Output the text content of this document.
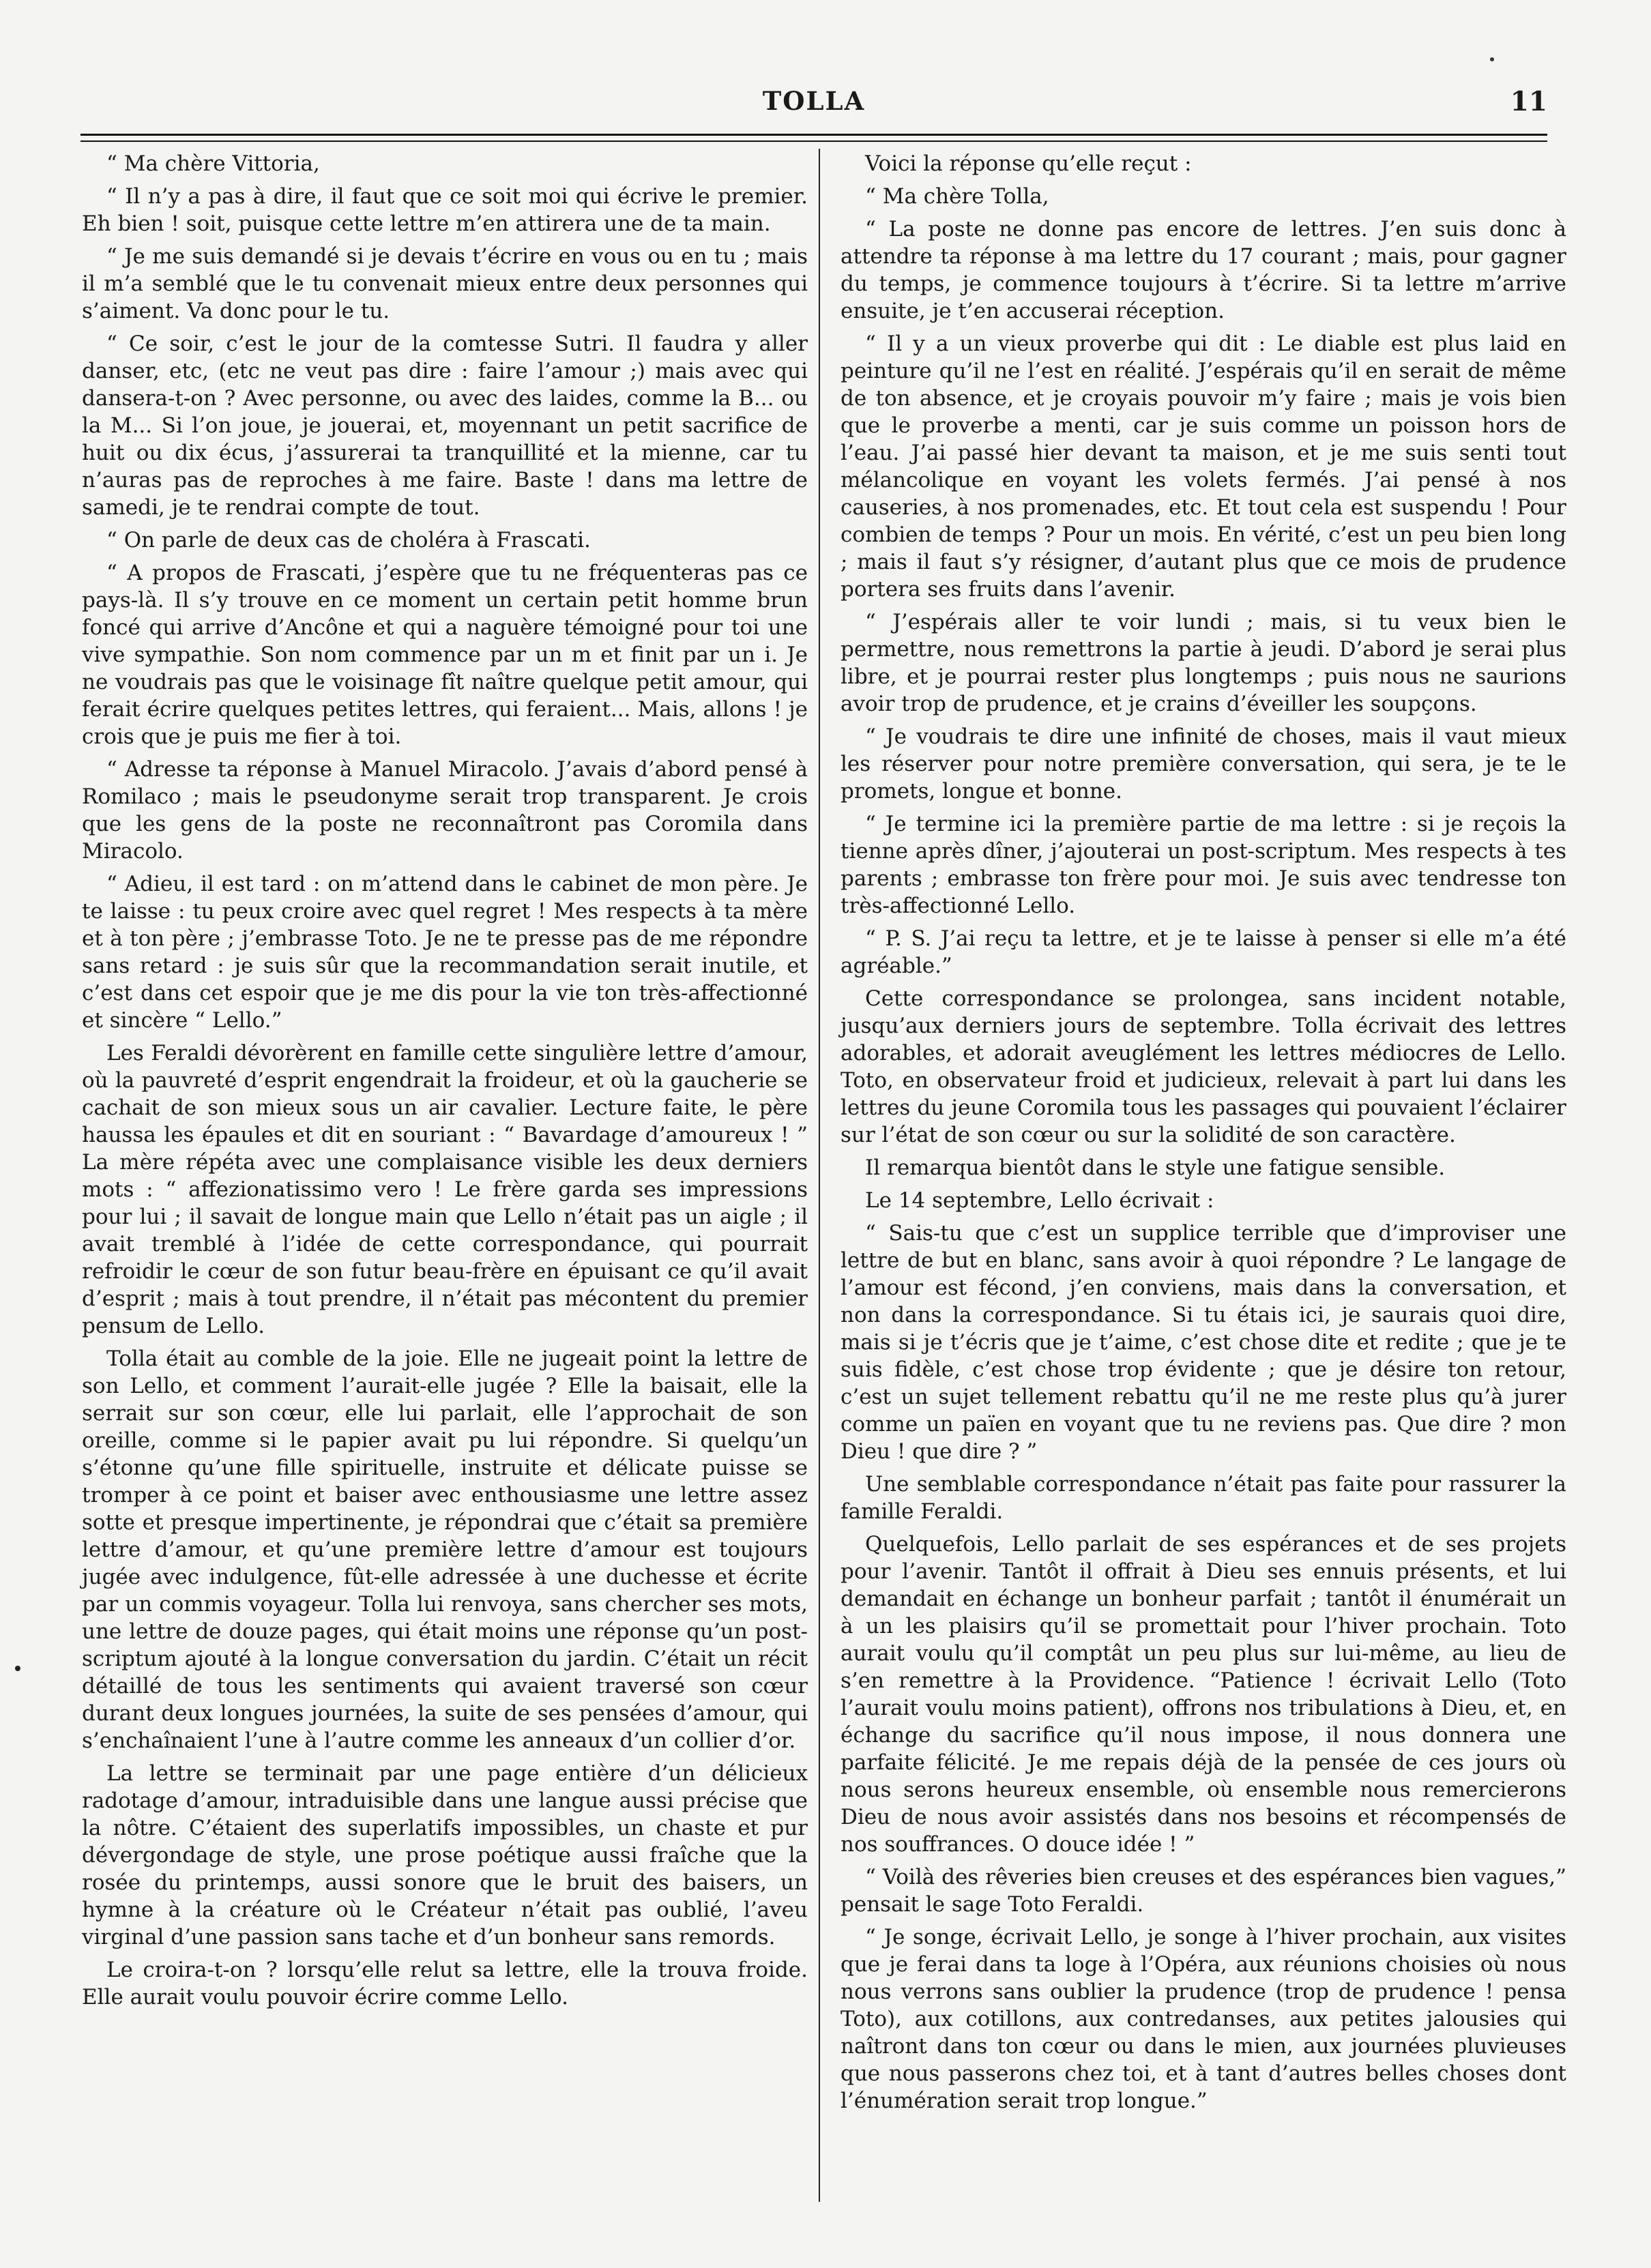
TOLLA	11

“ Ma chère Vittoria,

“ Il n’y a pas à dire, il faut que ce soit moi qui écrive le premier. Eh bien ! soit, puisque cette lettre m’en attirera une de ta main.

“ Je me suis demandé si je devais t’écrire en vous ou en tu ; mais il m’a semblé que le tu convenait mieux entre deux personnes qui s’aiment. Va donc pour le tu.

“ Ce soir, c’est le jour de la comtesse Sutri. Il faudra y aller danser, etc, (etc ne veut pas dire : faire l’amour ;) mais avec qui dansera-t-on ? Avec personne, ou avec des laides, comme la B... ou la M... Si l’on joue, je jouerai, et, moyennant un petit sacrifice de huit ou dix écus, j’assurerai ta tranquillité et la mienne, car tu n’auras pas de reproches à me faire. Baste ! dans ma lettre de samedi, je te rendrai compte de tout.

“ On parle de deux cas de choléra à Frascati.

“ A propos de Frascati, j’espère que tu ne fréquenteras pas ce pays-là. Il s’y trouve en ce moment un certain petit homme brun foncé qui arrive d’Ancône et qui a naguère témoigné pour toi une vive sympathie. Son nom commence par un m et finit par un i. Je ne voudrais pas que le voisinage fît naître quelque petit amour, qui ferait écrire quelques petites lettres, qui feraient... Mais, allons ! je crois que je puis me fier à toi.

“ Adresse ta réponse à Manuel Miracolo. J’avais d’abord pensé à Romilaco ; mais le pseudonyme serait trop transparent. Je crois que les gens de la poste ne reconnaîtront pas Coromila dans Miracolo.

“ Adieu, il est tard : on m’attend dans le cabinet de mon père. Je te laisse : tu peux croire avec quel regret ! Mes respects à ta mère et à ton père ; j’embrasse Toto. Je ne te presse pas de me répondre sans retard : je suis sûr que la recommandation serait inutile, et c’est dans cet espoir que je me dis pour la vie ton très-affectionné et sincère “ Lello.”

Les Feraldi dévorèrent en famille cette singulière lettre d’amour, où la pauvreté d’esprit engendrait la froideur, et où la gaucherie se cachait de son mieux sous un air cavalier. Lecture faite, le père haussa les épaules et dit en souriant : “ Bavardage d’amoureux ! ” La mère répéta avec une complaisance visible les deux derniers mots : “ affezionatissimo vero ! Le frère garda ses impressions pour lui ; il savait de longue main que Lello n’était pas un aigle ; il avait tremblé à l’idée de cette correspondance, qui pourrait refroidir le cœur de son futur beau-frère en épuisant ce qu’il avait d’esprit ; mais à tout prendre, il n’était pas mécontent du premier pensum de Lello.

Tolla était au comble de la joie. Elle ne jugeait point la lettre de son Lello, et comment l’aurait-elle jugée ? Elle la baisait, elle la serrait sur son cœur, elle lui parlait, elle l’approchait de son oreille, comme si le papier avait pu lui répondre. Si quelqu’un s’étonne qu’une fille spirituelle, instruite et délicate puisse se tromper à ce point et baiser avec enthousiasme une lettre assez sotte et presque impertinente, je répondrai que c’était sa première lettre d’amour, et qu’une première lettre d’amour est toujours jugée avec indulgence, fût-elle adressée à une duchesse et écrite par un commis voyageur. Tolla lui renvoya, sans chercher ses mots, une lettre de douze pages, qui était moins une réponse qu’un post-scriptum ajouté à la longue conversation du jardin. C’était un récit détaillé de tous les sentiments qui avaient traversé son cœur durant deux longues journées, la suite de ses pensées d’amour, qui s’enchaînaient l’une à l’autre comme les anneaux d’un collier d’or.

La lettre se terminait par une page entière d’un délicieux radotage d’amour, intraduisible dans une langue aussi précise que la nôtre. C’étaient des superlatifs impossibles, un chaste et pur dévergondage de style, une prose poétique aussi fraîche que la rosée du printemps, aussi sonore que le bruit des baisers, un hymne à la créature où le Créateur n’était pas oublié, l’aveu virginal d’une passion sans tache et d’un bonheur sans remords.

Le croira-t-on ? lorsqu’elle relut sa lettre, elle la trouva froide. Elle aurait voulu pouvoir écrire comme Lello.

Voici la réponse qu’elle reçut :

“ Ma chère Tolla,

“ La poste ne donne pas encore de lettres. J’en suis donc à attendre ta réponse à ma lettre du 17 courant ; mais, pour gagner du temps, je commence toujours à t’écrire. Si ta lettre m’arrive ensuite, je t’en accuserai réception.

“ Il y a un vieux proverbe qui dit : Le diable est plus laid en peinture qu’il ne l’est en réalité. J’espérais qu’il en serait de même de ton absence, et je croyais pouvoir m’y faire ; mais je vois bien que le proverbe a menti, car je suis comme un poisson hors de l’eau. J’ai passé hier devant ta maison, et je me suis senti tout mélancolique en voyant les volets fermés. J’ai pensé à nos causeries, à nos promenades, etc. Et tout cela est suspendu ! Pour combien de temps ? Pour un mois. En vérité, c’est un peu bien long ; mais il faut s’y résigner, d’autant plus que ce mois de prudence portera ses fruits dans l’avenir.

“ J’espérais aller te voir lundi ; mais, si tu veux bien le permettre, nous remettrons la partie à jeudi. D’abord je serai plus libre, et je pourrai rester plus longtemps ; puis nous ne saurions avoir trop de prudence, et je crains d’éveiller les soupçons.

“ Je voudrais te dire une infinité de choses, mais il vaut mieux les réserver pour notre première conversation, qui sera, je te le promets, longue et bonne.

“ Je termine ici la première partie de ma lettre : si je reçois la tienne après dîner, j’ajouterai un post-scriptum. Mes respects à tes parents ; embrasse ton frère pour moi. Je suis avec tendresse ton très-affectionné Lello.

“ P. S. J’ai reçu ta lettre, et je te laisse à penser si elle m’a été agréable.”

Cette correspondance se prolongea, sans incident notable, jusqu’aux derniers jours de septembre. Tolla écrivait des lettres adorables, et adorait aveuglément les lettres médiocres de Lello. Toto, en observateur froid et judicieux, relevait à part lui dans les lettres du jeune Coromila tous les passages qui pouvaient l’éclairer sur l’état de son cœur ou sur la solidité de son caractère.

Il remarqua bientôt dans le style une fatigue sensible.

Le 14 septembre, Lello écrivait :

“ Sais-tu que c’est un supplice terrible que d’improviser une lettre de but en blanc, sans avoir à quoi répondre ? Le langage de l’amour est fécond, j’en conviens, mais dans la conversation, et non dans la correspondance. Si tu étais ici, je saurais quoi dire, mais si je t’écris que je t’aime, c’est chose dite et redite ; que je te suis fidèle, c’est chose trop évidente ; que je désire ton retour, c’est un sujet tellement rebattu qu’il ne me reste plus qu’à jurer comme un païen en voyant que tu ne reviens pas. Que dire ? mon Dieu ! que dire ? ”

Une semblable correspondance n’était pas faite pour rassurer la famille Feraldi.

Quelquefois, Lello parlait de ses espérances et de ses projets pour l’avenir. Tantôt il offrait à Dieu ses ennuis présents, et lui demandait en échange un bonheur parfait ; tantôt il énumérait un à un les plaisirs qu’il se promettait pour l’hiver prochain. Toto aurait voulu qu’il comptât un peu plus sur lui-même, au lieu de s’en remettre à la Providence. “Patience ! écrivait Lello (Toto l’aurait voulu moins patient), offrons nos tribulations à Dieu, et, en échange du sacrifice qu’il nous impose, il nous donnera une parfaite félicité. Je me repais déjà de la pensée de ces jours où nous serons heureux ensemble, où ensemble nous remercierons Dieu de nous avoir assistés dans nos besoins et récompensés de nos souffrances. O douce idée ! ”

“ Voilà des rêveries bien creuses et des espérances bien vagues,” pensait le sage Toto Feraldi.

“ Je songe, écrivait Lello, je songe à l’hiver prochain, aux visites que je ferai dans ta loge à l’Opéra, aux réunions choisies où nous nous verrons sans oublier la prudence (trop de prudence ! pensa Toto), aux cotillons, aux contredanses, aux petites jalousies qui naîtront dans ton cœur ou dans le mien, aux journées pluvieuses que nous passerons chez toi, et à tant d’autres belles choses dont l’énumération serait trop longue.”
